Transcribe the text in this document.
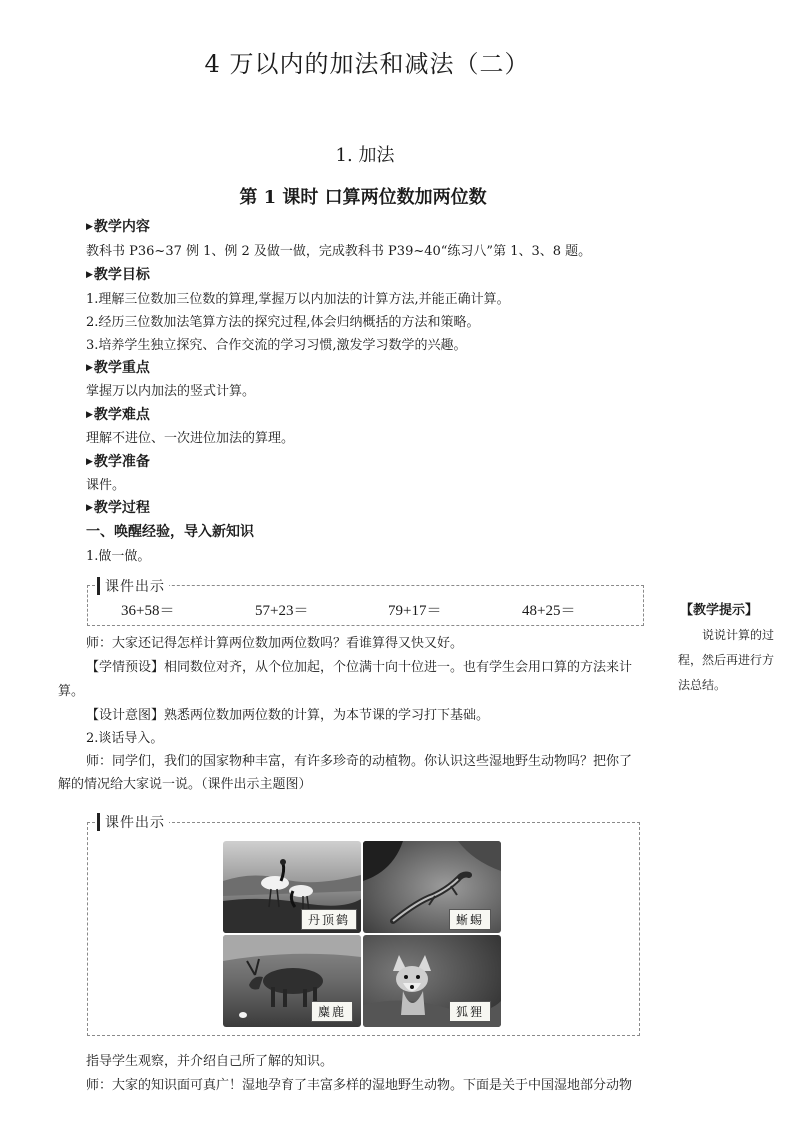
4 万以内的加法和减法（二）
1. 加法
第 1 课时 口算两位数加两位数
▶教学内容
教科书 P36~37 例 1、例 2 及做一做，完成教科书 P39~40“练习八”第 1、3、8 题。
▶教学目标
1.理解三位数加三位数的算理,掌握万以内加法的计算方法,并能正确计算。
2.经历三位数加法笔算方法的探究过程,体会归纳概括的方法和策略。
3.培养学生独立探究、合作交流的学习习惯,激发学习数学的兴趣。
▶教学重点
掌握万以内加法的竖式计算。
▶教学难点
理解不进位、一次进位加法的算理。
▶教学准备
课件。
▶教学过程
一、唤醒经验，导入新知识
1.做一做。
课件出示
36+58＝	57+23＝	79+17＝	48+25＝	【教学提示】
说说计算的过程，然后再进行方法总结。
师：大家还记得怎样计算两位数加两位数吗？看谁算得又快又好。
【学情预设】相同数位对齐，从个位加起，个位满十向十位进一。也有学生会用口算的方法来计
算。
【设计意图】熟悉两位数加两位数的计算，为本节课的学习打下基础。
2.谈话导入。
师：同学们，我们的国家物种丰富，有许多珍奇的动植物。你认识这些湿地野生动物吗？把你了
解的情况给大家说一说。（课件出示主题图）
课件出示
丹顶鹤	蜥蜴
麋鹿	狐狸
指导学生观察，并介绍自己所了解的知识。
师：大家的知识面可真广！湿地孕育了丰富多样的湿地野生动物。下面是关于中国湿地部分动物
